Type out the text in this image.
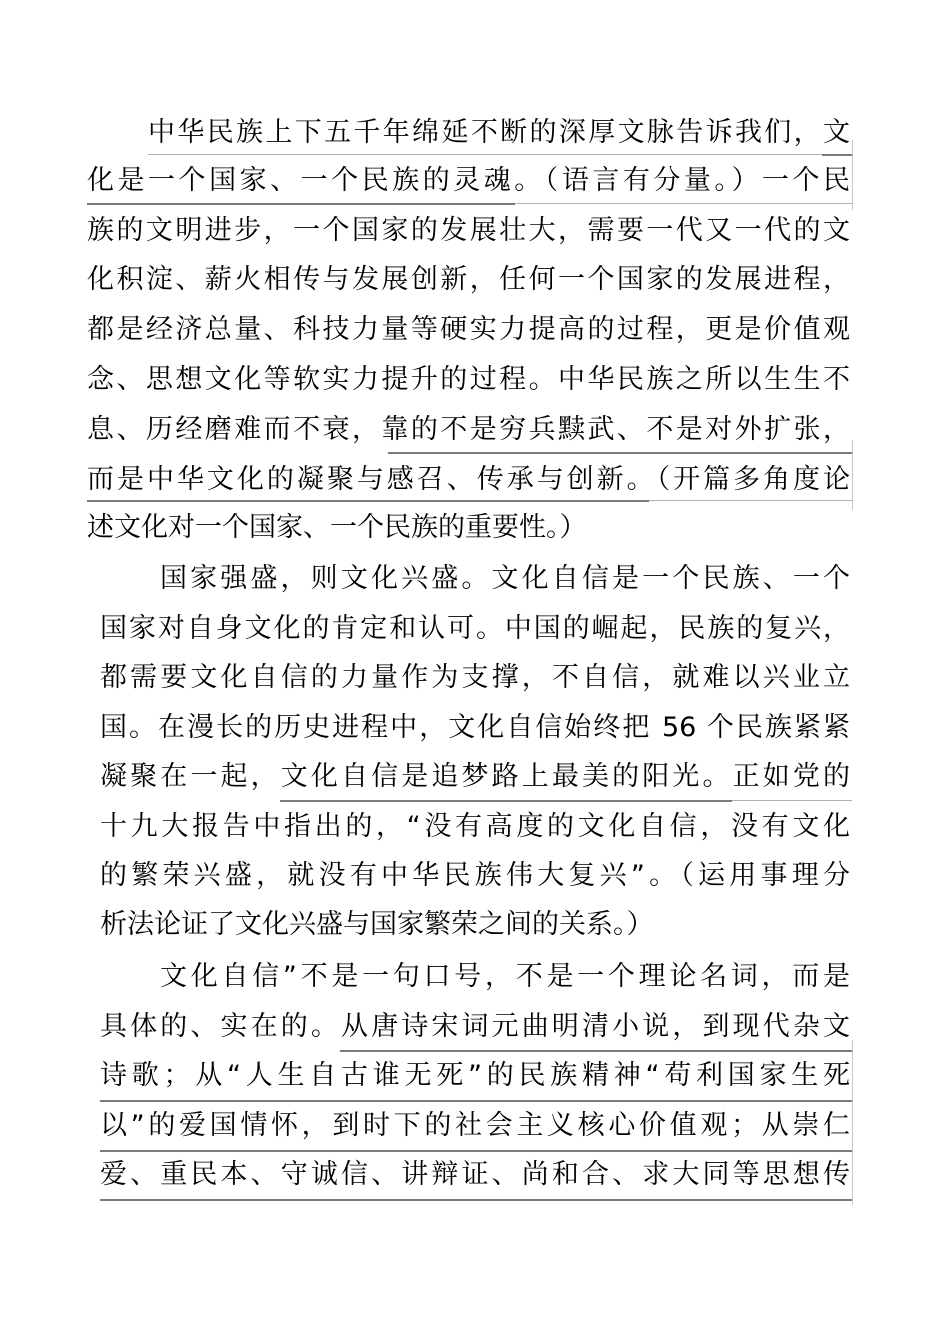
中华民族上下五千年绵延不断的深厚文脉告诉我们，文
化是一个国家、一个民族的灵魂。（语言有分量。）一个民
族的文明进步，一个国家的发展壮大，需要一代又一代的文
化积淀、薪火相传与发展创新，任何一个国家的发展进程，
都是经济总量、科技力量等硬实力提高的过程，更是价值观
念、思想文化等软实力提升的过程。中华民族之所以生生不
息、历经磨难而不衰，靠的不是穷兵黩武、不是对外扩张，
而是中华文化的凝聚与感召、传承与创新。（开篇多角度论
述文化对一个国家、一个民族的重要性。）
国家强盛，则文化兴盛。文化自信是一个民族、一个
国家对自身文化的肯定和认可。中国的崛起，民族的复兴，
都需要文化自信的力量作为支撑，不自信，就难以兴业立
国。在漫长的历史进程中，文化自信始终把 56 个民族紧紧
凝聚在一起，文化自信是追梦路上最美的阳光。正如党的
十九大报告中指出的，“没有高度的文化自信，没有文化
的繁荣兴盛，就没有中华民族伟大复兴”。（运用事理分
析法论证了文化兴盛与国家繁荣之间的关系。）
文化自信”不是一句口号，不是一个理论名词，而是
具体的、实在的。从唐诗宋词元曲明清小说，到现代杂文
诗歌；从“人生自古谁无死”的民族精神“苟利国家生死
以”的爱国情怀，到时下的社会主义核心价值观；从崇仁
爱、重民本、守诚信、讲辩证、尚和合、求大同等思想传
